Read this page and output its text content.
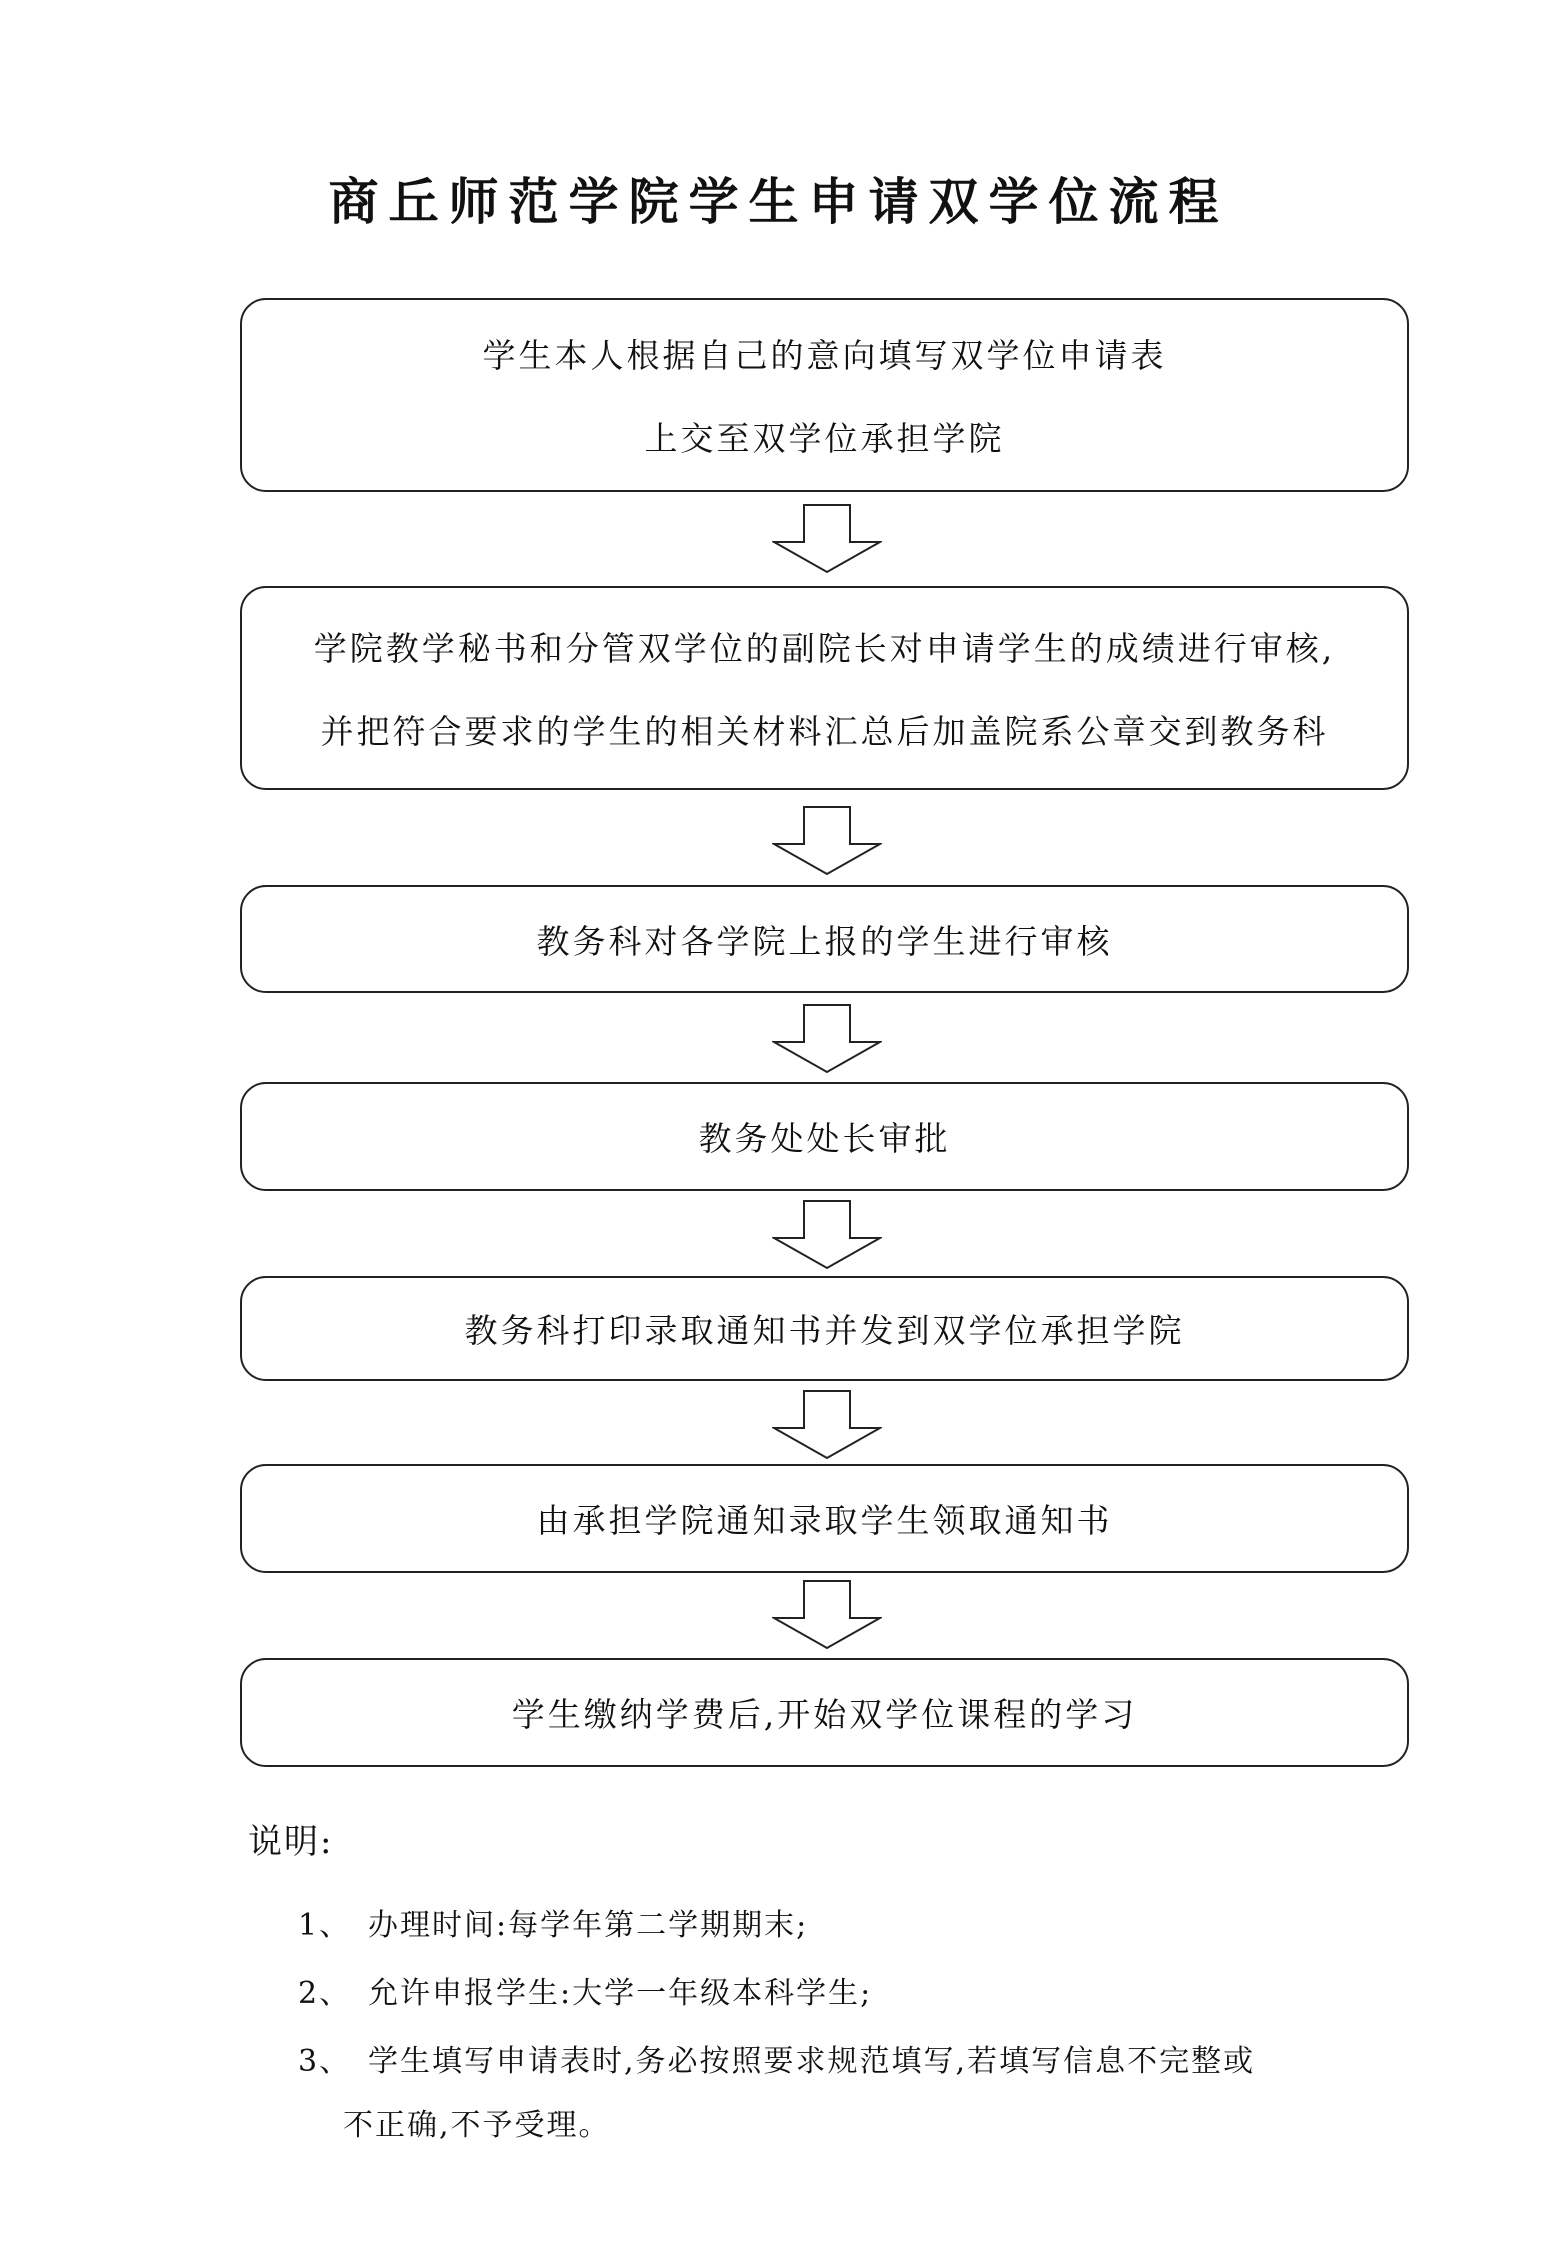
商丘师范学院学生申请双学位流程
学生本人根据自己的意向填写双学位申请表
上交至双学位承担学院
学院教学秘书和分管双学位的副院长对申请学生的成绩进行审核,
并把符合要求的学生的相关材料汇总后加盖院系公章交到教务科
教务科对各学院上报的学生进行审核
教务处处长审批
教务科打印录取通知书并发到双学位承担学院
由承担学院通知录取学生领取通知书
学生缴纳学费后,开始双学位课程的学习
说明:
1、 办理时间:每学年第二学期期末;
2、 允许申报学生:大学一年级本科学生;
3、 学生填写申请表时,务必按照要求规范填写,若填写信息不完整或
不正确,不予受理。
